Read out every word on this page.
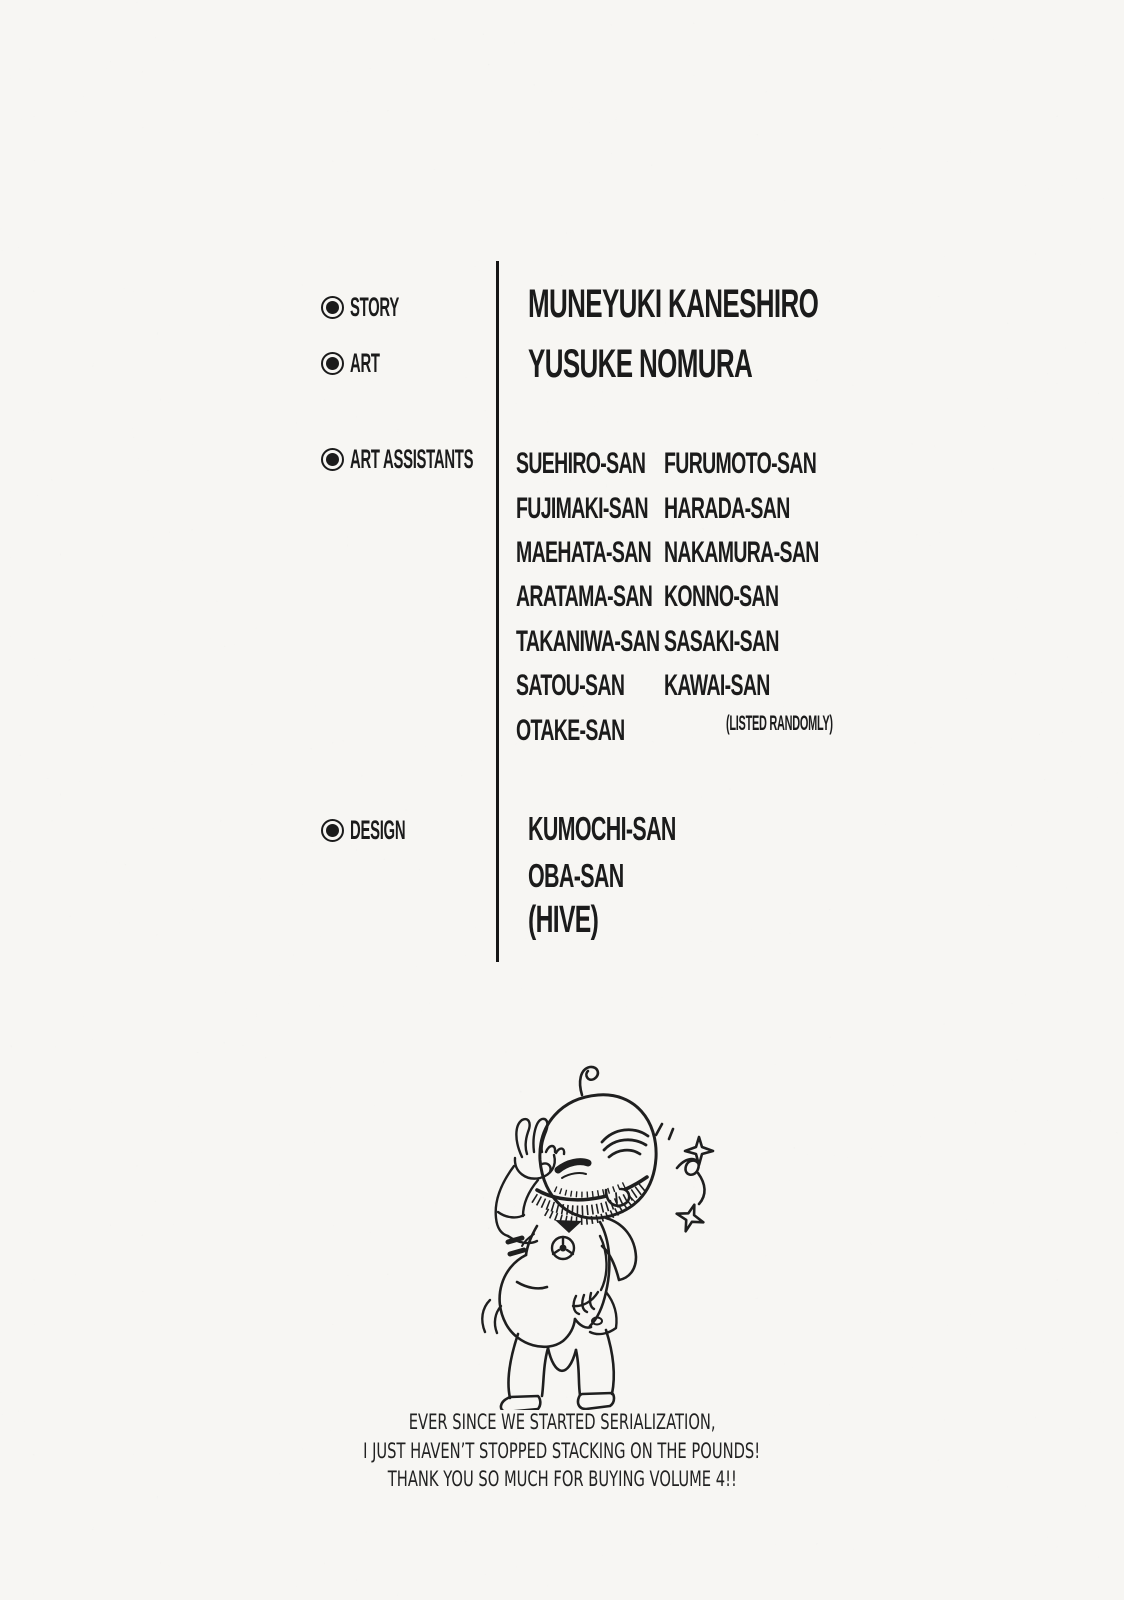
STORY
ART
ART ASSISTANTS
DESIGN
MUNEYUKI KANESHIRO
YUSUKE NOMURA
SUEHIRO-SAN
FUJIMAKI-SAN
MAEHATA-SAN
ARATAMA-SAN
TAKANIWA-SAN
SATOU-SAN
OTAKE-SAN
FURUMOTO-SAN
HARADA-SAN
NAKAMURA-SAN
KONNO-SAN
SASAKI-SAN
KAWAI-SAN
(LISTED RANDOMLY)
KUMOCHI-SAN
OBA-SAN
(HIVE)
EVER SINCE WE STARTED SERIALIZATION,
I JUST HAVEN’T STOPPED STACKING ON THE POUNDS!
THANK YOU SO MUCH FOR BUYING VOLUME 4!!
